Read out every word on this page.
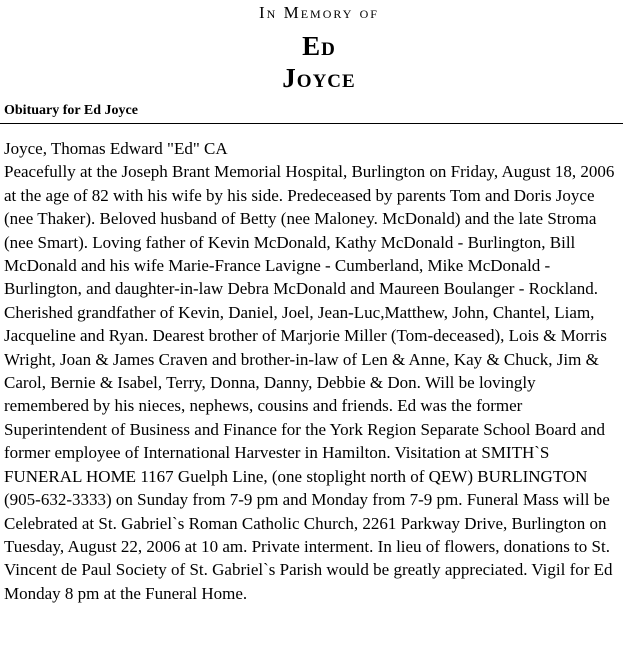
In Memory of
Ed
Joyce
Obituary for Ed Joyce
Joyce, Thomas Edward "Ed" CA
Peacefully at the Joseph Brant Memorial Hospital, Burlington on Friday, August 18, 2006 at the age of 82 with his wife by his side. Predeceased by parents Tom and Doris Joyce (nee Thaker). Beloved husband of Betty (nee Maloney. McDonald) and the late Stroma (nee Smart). Loving father of Kevin McDonald, Kathy McDonald - Burlington, Bill McDonald and his wife Marie-France Lavigne - Cumberland, Mike McDonald - Burlington, and daughter-in-law Debra McDonald and Maureen Boulanger - Rockland. Cherished grandfather of Kevin, Daniel, Joel, Jean-Luc,Matthew, John, Chantel, Liam, Jacqueline and Ryan. Dearest brother of Marjorie Miller (Tom-deceased), Lois & Morris Wright, Joan & James Craven and brother-in-law of Len & Anne, Kay & Chuck, Jim & Carol, Bernie & Isabel, Terry, Donna, Danny, Debbie & Don. Will be lovingly remembered by his nieces, nephews, cousins and friends. Ed was the former Superintendent of Business and Finance for the York Region Separate School Board and former employee of International Harvester in Hamilton. Visitation at SMITH`S FUNERAL HOME 1167 Guelph Line, (one stoplight north of QEW) BURLINGTON (905-632-3333) on Sunday from 7-9 pm and Monday from 7-9 pm. Funeral Mass will be Celebrated at St. Gabriel`s Roman Catholic Church, 2261 Parkway Drive, Burlington on Tuesday, August 22, 2006 at 10 am. Private interment. In lieu of flowers, donations to St. Vincent de Paul Society of St. Gabriel`s Parish would be greatly appreciated. Vigil for Ed Monday 8 pm at the Funeral Home.
